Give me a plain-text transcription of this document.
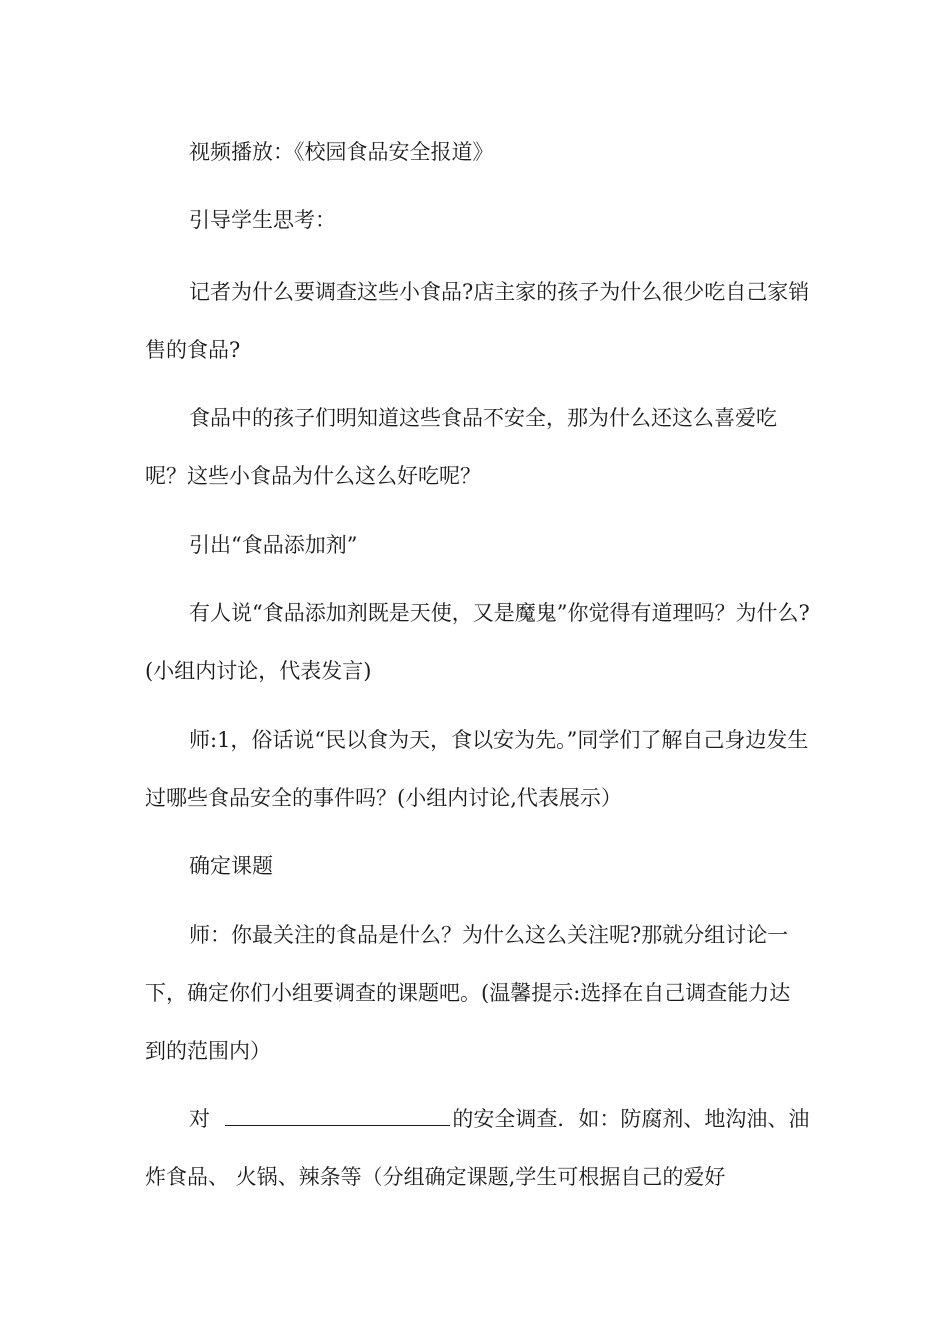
视频播放：《校园食品安全报道》

引导学生思考：

记者为什么要调查这些小食品?店主家的孩子为什么很少吃自己家销售的食品?

食品中的孩子们明知道这些食品不安全，那为什么还这么喜爱吃呢？这些小食品为什么这么好吃呢？

引出“食品添加剂”

有人说“食品添加剂既是天使，又是魔鬼”你觉得有道理吗？为什么?(小组内讨论，代表发言)

师:1，俗话说“民以食为天，食以安为先。”同学们了解自己身边发生过哪些食品安全的事件吗？(小组内讨论,代表展示）

确定课题

师：你最关注的食品是什么？为什么这么关注呢?那就分组讨论一下，确定你们小组要调查的课题吧。(温馨提示:选择在自己调查能力达到的范围内）

对	的安全调查．如：防腐剂、地沟油、油炸食品、 火锅、辣条等（分组确定课题,学生可根据自己的爱好
